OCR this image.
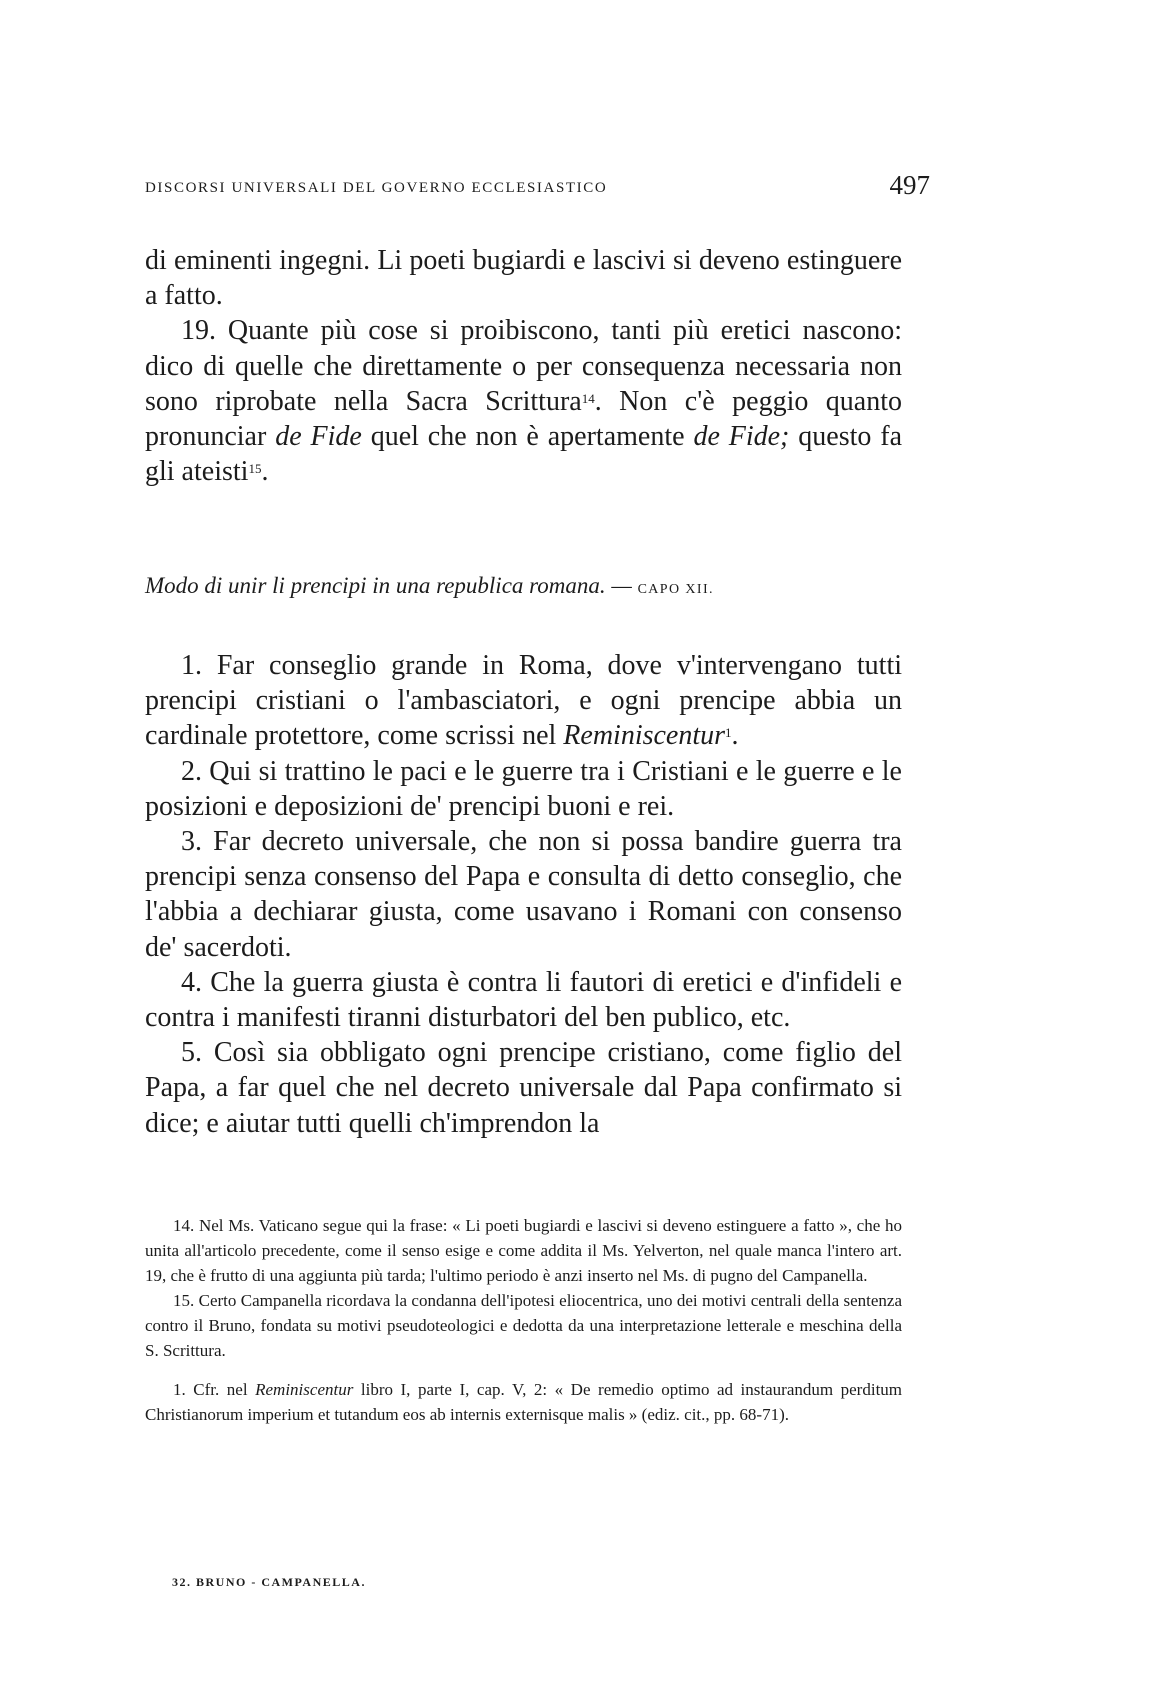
DISCORSI UNIVERSALI DEL GOVERNO ECCLESIASTICO	497

di eminenti ingegni. Li poeti bugiardi e lascivi si deveno estinguere a fatto.

19. Quante più cose si proibiscono, tanti più eretici nascono: dico di quelle che direttamente o per consequenza necessaria non sono riprobate nella Sacra Scrittura$^{14}$. Non c'è peggio quanto pronunciar de Fide quel che non è apertamente de Fide; questo fa gli ateisti$^{15}$.

Modo di unir li prencipi in una republica romana. — CAPO XII.

1. Far conseglio grande in Roma, dove v'intervengano tutti prencipi cristiani o l'ambasciatori, e ogni prencipe abbia un cardinale protettore, come scrissi nel Reminiscentur$^1$.

2. Qui si trattino le paci e le guerre tra i Cristiani e le guerre e le posizioni e deposizioni de' prencipi buoni e rei.

3. Far decreto universale, che non si possa bandire guerra tra prencipi senza consenso del Papa e consulta di detto conseglio, che l'abbia a dechiarar giusta, come usavano i Romani con consenso de' sacerdoti.

4. Che la guerra giusta è contra li fautori di eretici e d'infideli e contra i manifesti tiranni disturbatori del ben publico, etc.

5. Così sia obbligato ogni prencipe cristiano, come figlio del Papa, a far quel che nel decreto universale dal Papa confirmato si dice; e aiutar tutti quelli ch'imprendon la

14. Nel Ms. Vaticano segue qui la frase: « Li poeti bugiardi e lascivi si deveno estinguere a fatto », che ho unita all'articolo precedente, come il senso esige e come addita il Ms. Yelverton, nel quale manca l'intero art. 19, che è frutto di una aggiunta più tarda; l'ultimo periodo è anzi inserto nel Ms. di pugno del Campanella.

15. Certo Campanella ricordava la condanna dell'ipotesi eliocentrica, uno dei motivi centrali della sentenza contro il Bruno, fondata su motivi pseudoteologici e dedotta da una interpretazione letterale e meschina della S. Scrittura.

1. Cfr. nel Reminiscentur libro I, parte I, cap. V, 2: « De remedio optimo ad instaurandum perditum Christianorum imperium et tutandum eos ab internis externisque malis » (ediz. cit., pp. 68-71).

32. BRUNO - CAMPANELLA.
